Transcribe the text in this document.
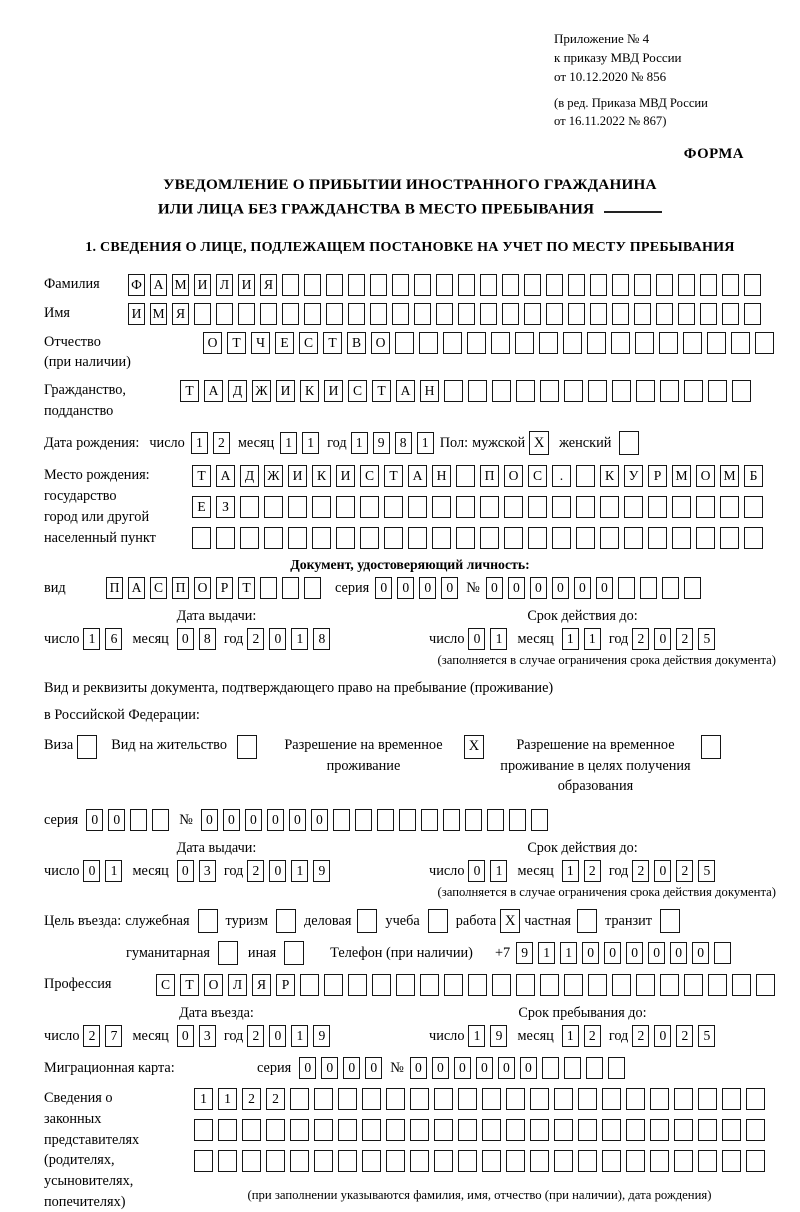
Приложение № 4
к приказу МВД России
от 10.12.2020 № 856
(в ред. Приказа МВД России
от 16.11.2022 № 867)
ФОРМА
УВЕДОМЛЕНИЕ О ПРИБЫТИИ ИНОСТРАННОГО ГРАЖДАНИНА
ИЛИ ЛИЦА БЕЗ ГРАЖДАНСТВА В МЕСТО ПРЕБЫВАНИЯ
1. СВЕДЕНИЯ О ЛИЦЕ, ПОДЛЕЖАЩЕМ ПОСТАНОВКЕ НА УЧЕТ ПО МЕСТУ ПРЕБЫВАНИЯ
Фамилия	Ф А М И Л И Я
Имя	И М Я
Отчество
(при наличии)
О	Т	Ч	Е	С	Т	В	О
Гражданство,
подданство
Т	А	Д Ж И	К	И	С	Т	А	Н
Дата рождения: число 1	2 месяц 1	1 год 1	9	8	1 Пол: мужской X	женский
Место рождения:
государство
город или другой
населенный пункт
Т	А	Д Ж И	К	И	С	Т	А	Н	П	О	С	.	К	У	Р	М О М	Б
Е	З
Документ, удостоверяющий личность:
вид	П А С П О Р	Т	серия 0	0	0	0 № 0	0	0	0	0	0
Дата выдачи:
число 1	6	месяц 0	8 год 2	0	1	8
Срок действия до:
число 0	1	месяц 1	1 год 2	0	2	5
(заполняется в случае ограничения срока действия документа)
Вид и реквизиты документа, подтверждающего право на пребывание (проживание)
в Российской Федерации:
Виза	Вид на жительство	Разрешение на временное проживание
X	Разрешение на временное проживание в целях получения образования
серия 0	0	№ 0	0	0	0	0	0
Дата выдачи:
число 0	1	месяц 0	3 год 2	0	1	9
Срок действия до:
число 0	1	месяц 1	2 год 2	0	2	5
(заполняется в случае ограничения срока действия документа)
Цель въезда: служебная	туризм	деловая учеба	работа X частная транзит
гуманитарная	иная	Телефон (при наличии) +7 9	1	1	0	0	0	0	0	0
Профессия	С	Т	О	Л	Я	Р
Дата въезда:
число 2	7	месяц 0	3 год 2	0	1	9
Срок пребывания до:
число 1	9	месяц 1	2 год 2	0	2	5
Миграционная карта:	серия 0	0	0	0 № 0	0	0	0	0	0
Сведения о
законных
представителях
(родителях,
усыновителях,
попечителях)
1	1	2	2
(при заполнении указываются фамилия, имя, отчество (при наличии), дата рождения)
